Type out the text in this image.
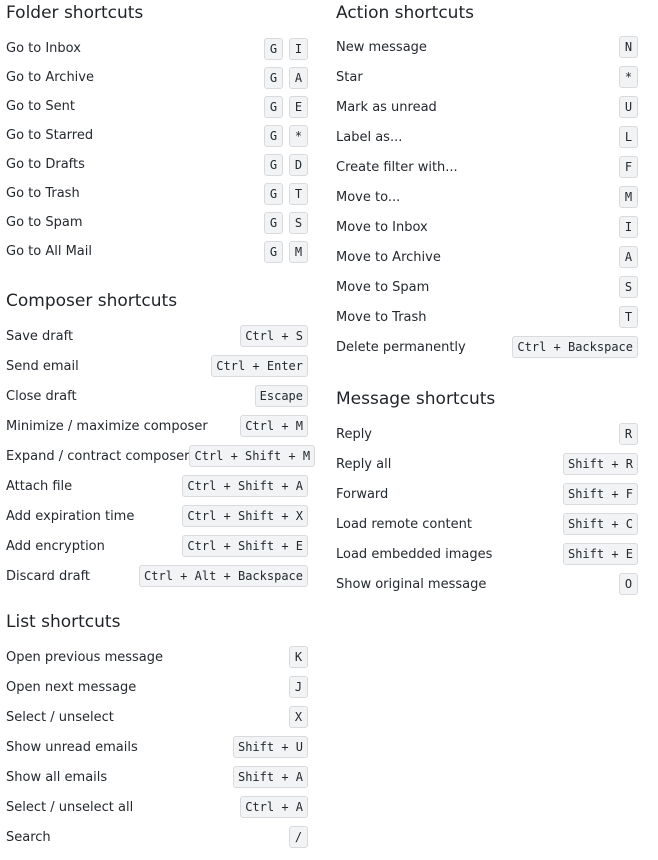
Folder shortcuts
Go to Inbox	G	I
Go to Archive	G	A
Go to Sent	G	E
Go to Starred	G	*
Go to Drafts	G	D
Go to Trash	G	T
Go to Spam	G	S
Go to All Mail	G	M
Composer shortcuts
Save draft	Ctrl + S
Send email	Ctrl + Enter
Close draft	Escape
Minimize / maximize composer	Ctrl + M
Expand / contract composer Ctrl + Shift + M
Attach file	Ctrl + Shift + A
Add expiration time	Ctrl + Shift + X
Add encryption	Ctrl + Shift + E
Discard draft	Ctrl + Alt + Backspace
List shortcuts
Open previous message	K
Open next message	J
Select / unselect	X
Show unread emails	Shift + U
Show all emails	Shift + A
Select / unselect all	Ctrl + A
Search	/
Action shortcuts
New message	N
Star	*
Mark as unread	U
Label as...	L
Create filter with...	F
Move to...	M
Move to Inbox	I
Move to Archive	A
Move to Spam	S
Move to Trash	T
Delete permanently	Ctrl + Backspace
Message shortcuts
Reply	R
Reply all	Shift + R
Forward	Shift + F
Load remote content	Shift + C
Load embedded images	Shift + E
Show original message	O
